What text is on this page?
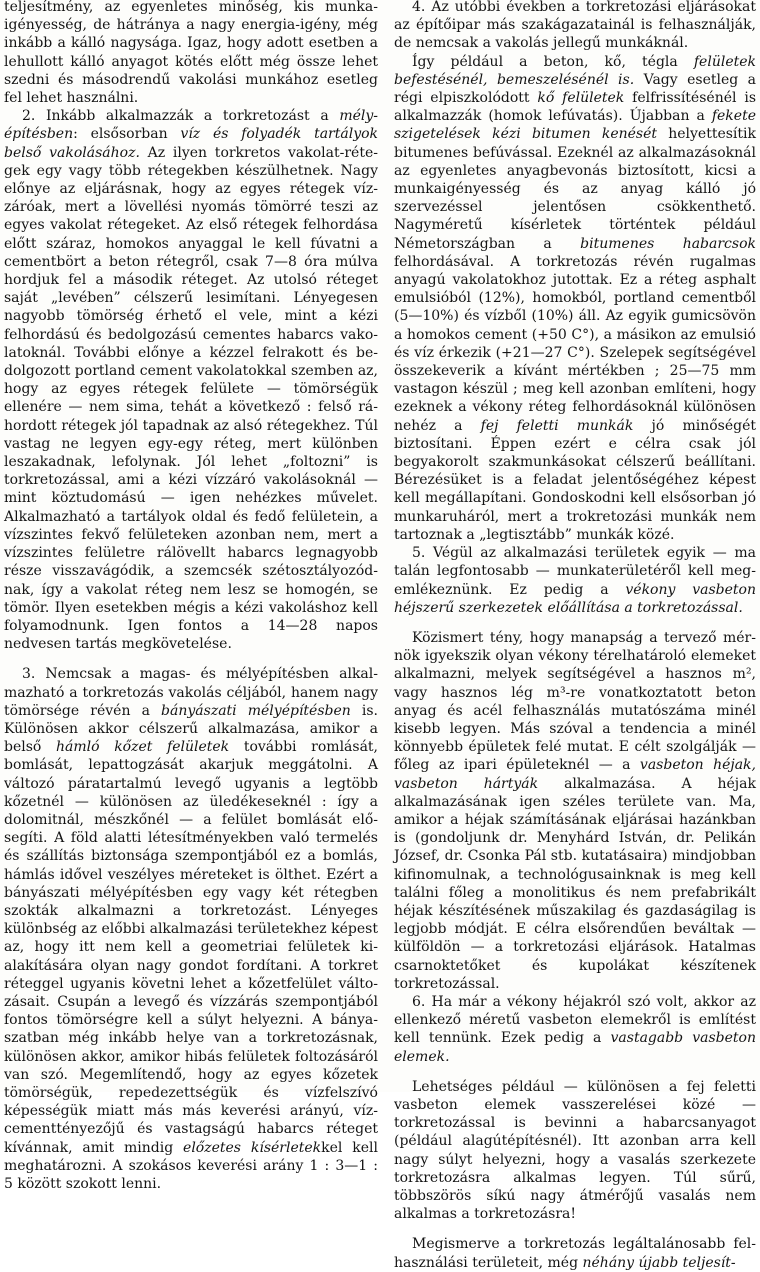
teljesítmény, az egyenletes minőség, kis munkaigényesség, de hátránya a nagy energia-igény, még inkább a kálló nagysága. Igaz, hogy adott esetben a lehullott kálló anyagot kötés előtt még össze lehet szedni és másodrendű vakolási munkához esetleg fel lehet használni.

2. Inkább alkalmazzák a torkretozást a mélyépítésben: elsősorban víz és folyadék tartályok belső vakolásához. Az ilyen torkretos vakolat-rétegek egy vagy több rétegekben készülhetnek. Nagy előnye az eljárásnak, hogy az egyes rétegek vízzáróak, mert a lövellési nyomás tömörré teszi az egyes vakolat rétegeket. Az első rétegek felhordása előtt száraz, homokos anyaggal le kell fúvatni a cementbört a beton rétegről, csak 7—8 óra múlva hordjuk fel a második réteget. Az utolsó réteget saját „levében” célszerű lesimítani. Lényegesen nagyobb tömörség érhető el vele, mint a kézi felhordású és bedolgozású cementes habarcs vakolatoknál. További előnye a kézzel felrakott és bedolgozott portland cement vakolatokkal szemben az, hogy az egyes rétegek felülete — tömörségük ellenére — nem sima, tehát a következő : felső ráhordott rétegek jól tapadnak az alsó rétegekhez. Túl vastag ne legyen egy-egy réteg, mert különben leszakadnak, lefolynak. Jól lehet „foltozni” is torkretozással, ami a kézi vízzáró vakolásoknál — mint köztudomású — igen nehézkes művelet. Alkalmazható a tartályok oldal és fedő felületein, a vízszintes fekvő felületeken azonban nem, mert a vízszintes felületre rálövellt habarcs legnagyobb része visszavágódik, a szemcsék szétosztályozódnak, így a vakolat réteg nem lesz se homogén, se tömör. Ilyen esetekben mégis a kézi vakoláshoz kell folyamodnunk. Igen fontos a 14—28 napos nedvesen tartás megkövetelése.

3. Nemcsak a magas- és mélyépítésben alkalmazható a torkretozás vakolás céljából, hanem nagy tömörsége révén a bányászati mélyépítésben is. Különösen akkor célszerű alkalmazása, amikor a belső hámló kőzet felületek további romlását, bomlását, lepattogzását akarjuk meggátolni. A változó páratartalmú levegő ugyanis a legtöbb kőzetnél — különösen az üledékeseknél : így a dolomitnál, mészkőnél — a felület bomlását elősegíti. A föld alatti létesítményekben való termelés és szállítás biztonsága szempontjából ez a bomlás, hámlás idővel veszélyes méreteket is ölthet. Ezért a bányászati mélyépítésben egy vagy két rétegben szokták alkalmazni a torkretozást. Lényeges különbség az előbbi alkalmazási területekhez képest az, hogy itt nem kell a geometriai felületek kialakítására olyan nagy gondot fordítani. A torkret réteggel ugyanis követni lehet a kőzetfelület változásait. Csupán a levegő és vízzárás szempontjából fontos tömörségre kell a súlyt helyezni. A bányaszatban még inkább helye van a torkretozásnak, különösen akkor, amikor hibás felületek foltozásáról van szó. Megemlítendő, hogy az egyes kőzetek tömörségük, repedezettségük és vízfelszívó képességük miatt más más keverési arányú, vízcementtényezőjű és vastagságú habarcs réteget kívánnak, amit mindig előzetes kísérletekkel kell meghatározni. A szokásos keverési arány 1 : 3—1 : 5 között szokott lenni.

4. Az utóbbi években a torkretozási eljárásokat az építőipar más szakágazatainál is felhasználják, de nemcsak a vakolás jellegű munkáknál.

Így például a beton, kő, tégla felületek befestésénél, bemeszelésénél is. Vagy esetleg a régi elpiszkolódott kő felületek felfrissítésénél is alkalmazzák (homok lefúvatás). Újabban a fekete szigetelések kézi bitumen kenését helyettesítik bitumenes befúvással. Ezeknél az alkalmazásoknál az egyenletes anyagbevonás biztosított, kicsi a munkaigényesség és az anyag kálló jó szervezéssel jelentősen csökkenthető. Nagyméretű kísérletek történtek például Németországban a bitumenes habarcsok felhordásával. A torkretozás révén rugalmas anyagú vakolatokhoz jutottak. Ez a réteg asphalt emulsióból (12%), homokból, portland cementből (5—10%) és vízből (10%) áll. Az egyik gumicsövön a homokos cement (+50 C°), a másikon az emulsió és víz érkezik (+21—27 C°). Szelepek segítségével összekeverik a kívánt mértékben ; 25—75 mm vastagon készül ; meg kell azonban említeni, hogy ezeknek a vékony réteg felhordásoknál különösen nehéz a fej feletti munkák jó minőségét biztosítani. Éppen ezért e célra csak jól begyakorolt szakmunkásokat célszerű beállítani. Bérezésüket is a feladat jelentőségéhez képest kell megállapítani. Gondoskodni kell elsősorban jó munkaruháról, mert a trokretozási munkák nem tartoznak a „legtisztább” munkák közé.

5. Végül az alkalmazási területek egyik — ma talán legfontosabb — munkaterületéről kell megemlékeznünk. Ez pedig a vékony vasbeton héjszerű szerkezetek előállítása a torkretozással.

Közismert tény, hogy manapság a tervező mérnök igyekszik olyan vékony térelhatároló elemeket alkalmazni, melyek segítségével a hasznos m², vagy hasznos lég m³-re vonatkoztatott beton anyag és acél felhasználás mutatószáma minél kisebb legyen. Más szóval a tendencia a minél könnyebb épületek felé mutat. E célt szolgálják — főleg az ipari épületeknél — a vasbeton héjak, vasbeton hártyák alkalmazása. A héjak alkalmazásának igen széles területe van. Ma, amikor a héjak számításának eljárásai hazánkban is (gondoljunk dr. Menyhárd István, dr. Pelikán József, dr. Csonka Pál stb. kutatásaira) mindjobban kifinomulnak, a technológusainknak is meg kell találni főleg a monolitikus és nem prefabrikált héjak készítésének műszakilag és gazdaságilag is legjobb módját. E célra elsőrendűen beváltak — külföldön — a torkretozási eljárások. Hatalmas csarnoktetőket és kupolákat készítenek torkretozással.

6. Ha már a vékony héjakról szó volt, akkor az ellenkező méretű vasbeton elemekről is említést kell tennünk. Ezek pedig a vastagabb vasbeton elemek.

Lehetséges például — különösen a fej feletti vasbeton elemek vasszerelései közé — torkretozással is bevinni a habarcsanyagot (például alagútépítésnél). Itt azonban arra kell nagy súlyt helyezni, hogy a vasalás szerkezete torkretozásra alkalmas legyen. Túl sűrű, többszörös síkú nagy átmérőjű vasalás nem alkalmas a torkretozásra!

Megismerve a torkretozás legáltalánosabb felhasználási területeit, még néhány újabb teljesít-
